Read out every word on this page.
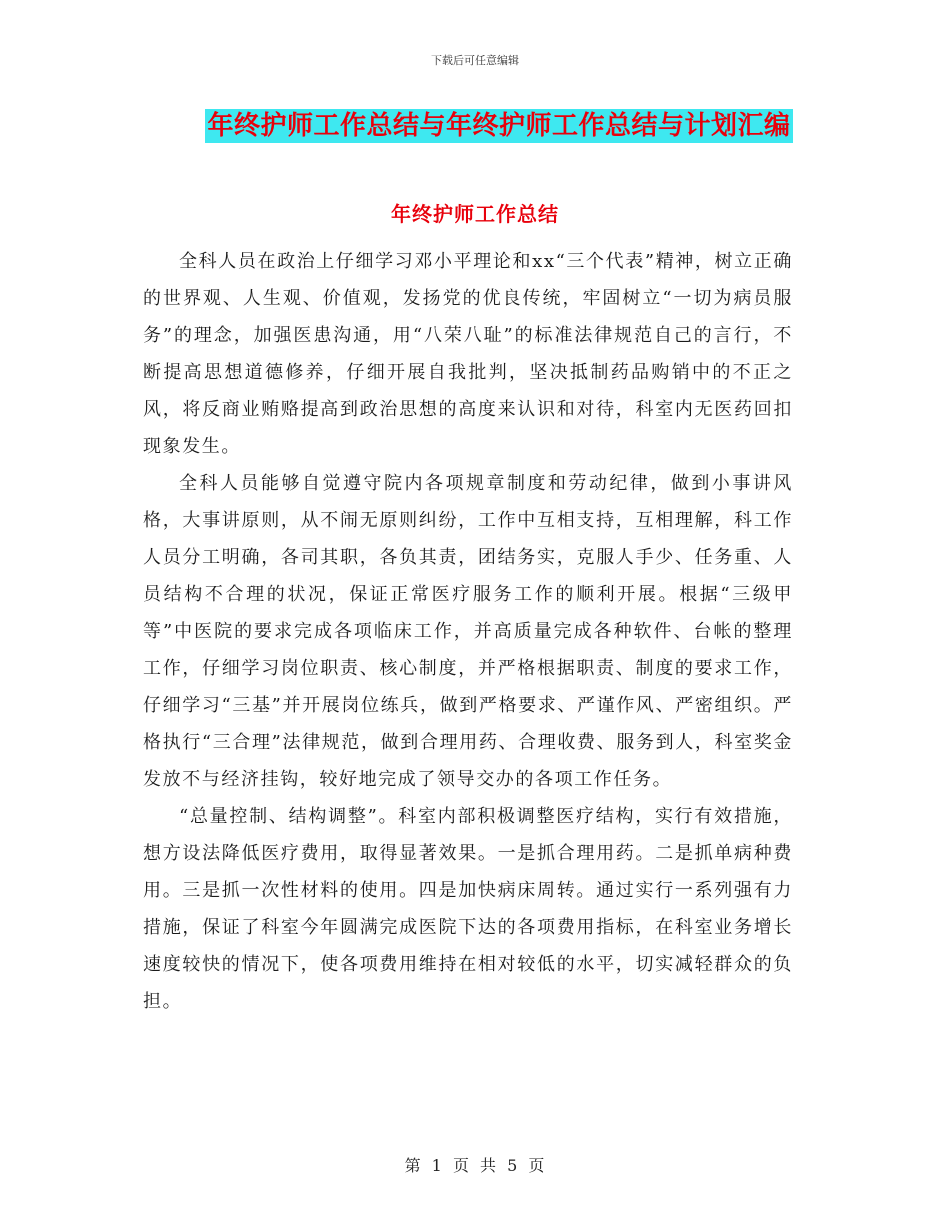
下载后可任意编辑
年终护师工作总结与年终护师工作总结与计划汇编
年终护师工作总结

全科人员在政治上仔细学习邓小平理论和xx“三个代表”精神，树立正确的世界观、人生观、价值观，发扬党的优良传统，牢固树立“一切为病员服务”的理念，加强医患沟通，用“八荣八耻”的标准法律规范自己的言行，不断提高思想道德修养，仔细开展自我批判，坚决抵制药品购销中的不正之风，将反商业贿赂提高到政治思想的高度来认识和对待，科室内无医药回扣现象发生。

全科人员能够自觉遵守院内各项规章制度和劳动纪律，做到小事讲风格，大事讲原则，从不闹无原则纠纷，工作中互相支持，互相理解，科工作人员分工明确，各司其职，各负其责，团结务实，克服人手少、任务重、人员结构不合理的状况，保证正常医疗服务工作的顺利开展。根据“三级甲等”中医院的要求完成各项临床工作，并高质量完成各种软件、台帐的整理工作，仔细学习岗位职责、核心制度，并严格根据职责、制度的要求工作，仔细学习“三基”并开展岗位练兵，做到严格要求、严谨作风、严密组织。严格执行“三合理”法律规范，做到合理用药、合理收费、服务到人，科室奖金发放不与经济挂钩，较好地完成了领导交办的各项工作任务。

“总量控制、结构调整”。科室内部积极调整医疗结构，实行有效措施，想方设法降低医疗费用，取得显著效果。一是抓合理用药。二是抓单病种费用。三是抓一次性材料的使用。四是加快病床周转。通过实行一系列强有力措施，保证了科室今年圆满完成医院下达的各项费用指标，在科室业务增长速度较快的情况下，使各项费用维持在相对较低的水平，切实减轻群众的负担。

第 1 页 共 5 页
